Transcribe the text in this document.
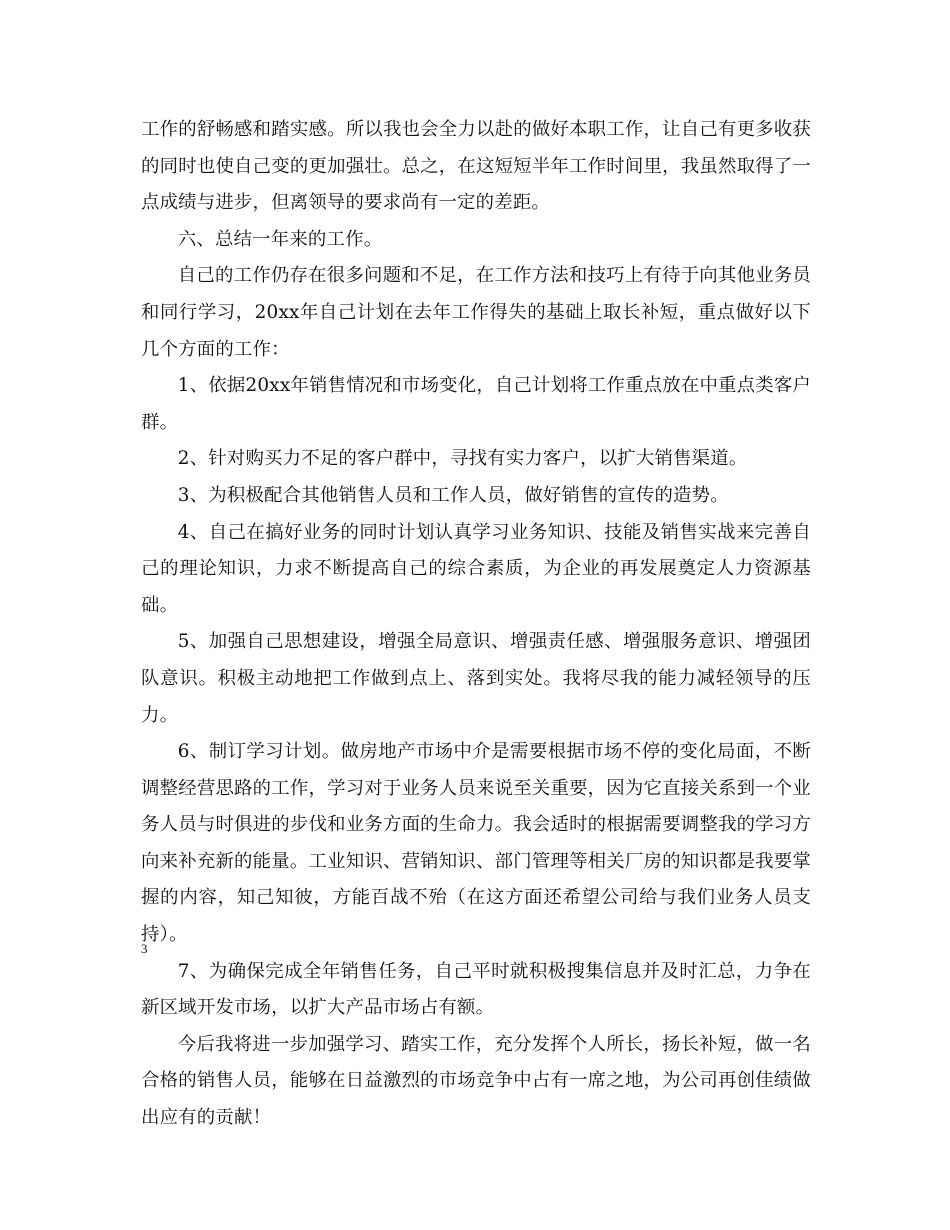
工作的舒畅感和踏实感。所以我也会全力以赴的做好本职工作，让自己有更多收获的同时也使自己变的更加强壮。总之，在这短短半年工作时间里，我虽然取得了一点成绩与进步，但离领导的要求尚有一定的差距。

六、总结一年来的工作。

自己的工作仍存在很多问题和不足，在工作方法和技巧上有待于向其他业务员和同行学习，20xx年自己计划在去年工作得失的基础上取长补短，重点做好以下几个方面的工作：

1、依据20xx年销售情况和市场变化，自己计划将工作重点放在中重点类客户群。

2、针对购买力不足的客户群中，寻找有实力客户，以扩大销售渠道。

3、为积极配合其他销售人员和工作人员，做好销售的宣传的造势。

4、自己在搞好业务的同时计划认真学习业务知识、技能及销售实战来完善自己的理论知识，力求不断提高自己的综合素质，为企业的再发展奠定人力资源基础。

5、加强自己思想建设，增强全局意识、增强责任感、增强服务意识、增强团队意识。积极主动地把工作做到点上、落到实处。我将尽我的能力减轻领导的压力。

6、制订学习计划。做房地产市场中介是需要根据市场不停的变化局面，不断调整经营思路的工作，学习对于业务人员来说至关重要，因为它直接关系到一个业务人员与时俱进的步伐和业务方面的生命力。我会适时的根据需要调整我的学习方向来补充新的能量。工业知识、营销知识、部门管理等相关厂房的知识都是我要掌握的内容，知己知彼，方能百战不殆（在这方面还希望公司给与我们业务人员支持）。

7、为确保完成全年销售任务，自己平时就积极搜集信息并及时汇总，力争在新区域开发市场，以扩大产品市场占有额。

今后我将进一步加强学习、踏实工作，充分发挥个人所长，扬长补短，做一名合格的销售人员，能够在日益激烈的市场竞争中占有一席之地，为公司再创佳绩做出应有的贡献！

3
